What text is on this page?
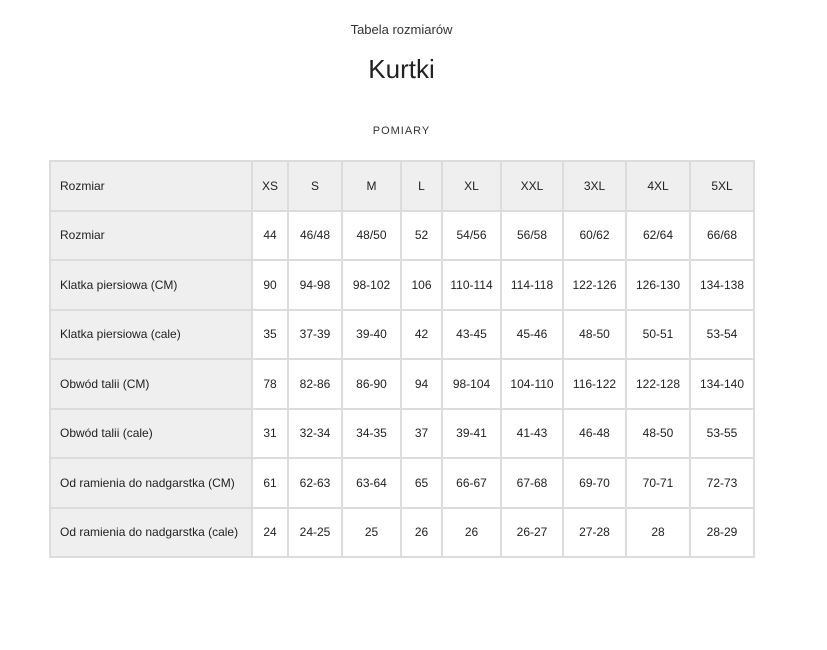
Tabela rozmiarów
Kurtki
POMIARY
Rozmiar	XS	S	M	L	XL	XXL	3XL	4XL	5XL
Rozmiar	44	46/48	48/50	52	54/56	56/58	60/62	62/64	66/68
Klatka piersiowa (CM)	90	94-98	98-102	106	110-114	114-118	122-126	126-130	134-138
Klatka piersiowa (cale)	35	37-39	39-40	42	43-45	45-46	48-50	50-51	53-54
Obwód talii (CM)	78	82-86	86-90	94	98-104	104-110	116-122	122-128	134-140
Obwód talii (cale)	31	32-34	34-35	37	39-41	41-43	46-48	48-50	53-55
Od ramienia do nadgarstka (CM)	61	62-63	63-64	65	66-67	67-68	69-70	70-71	72-73
Od ramienia do nadgarstka (cale)	24	24-25	25	26	26	26-27	27-28	28	28-29
